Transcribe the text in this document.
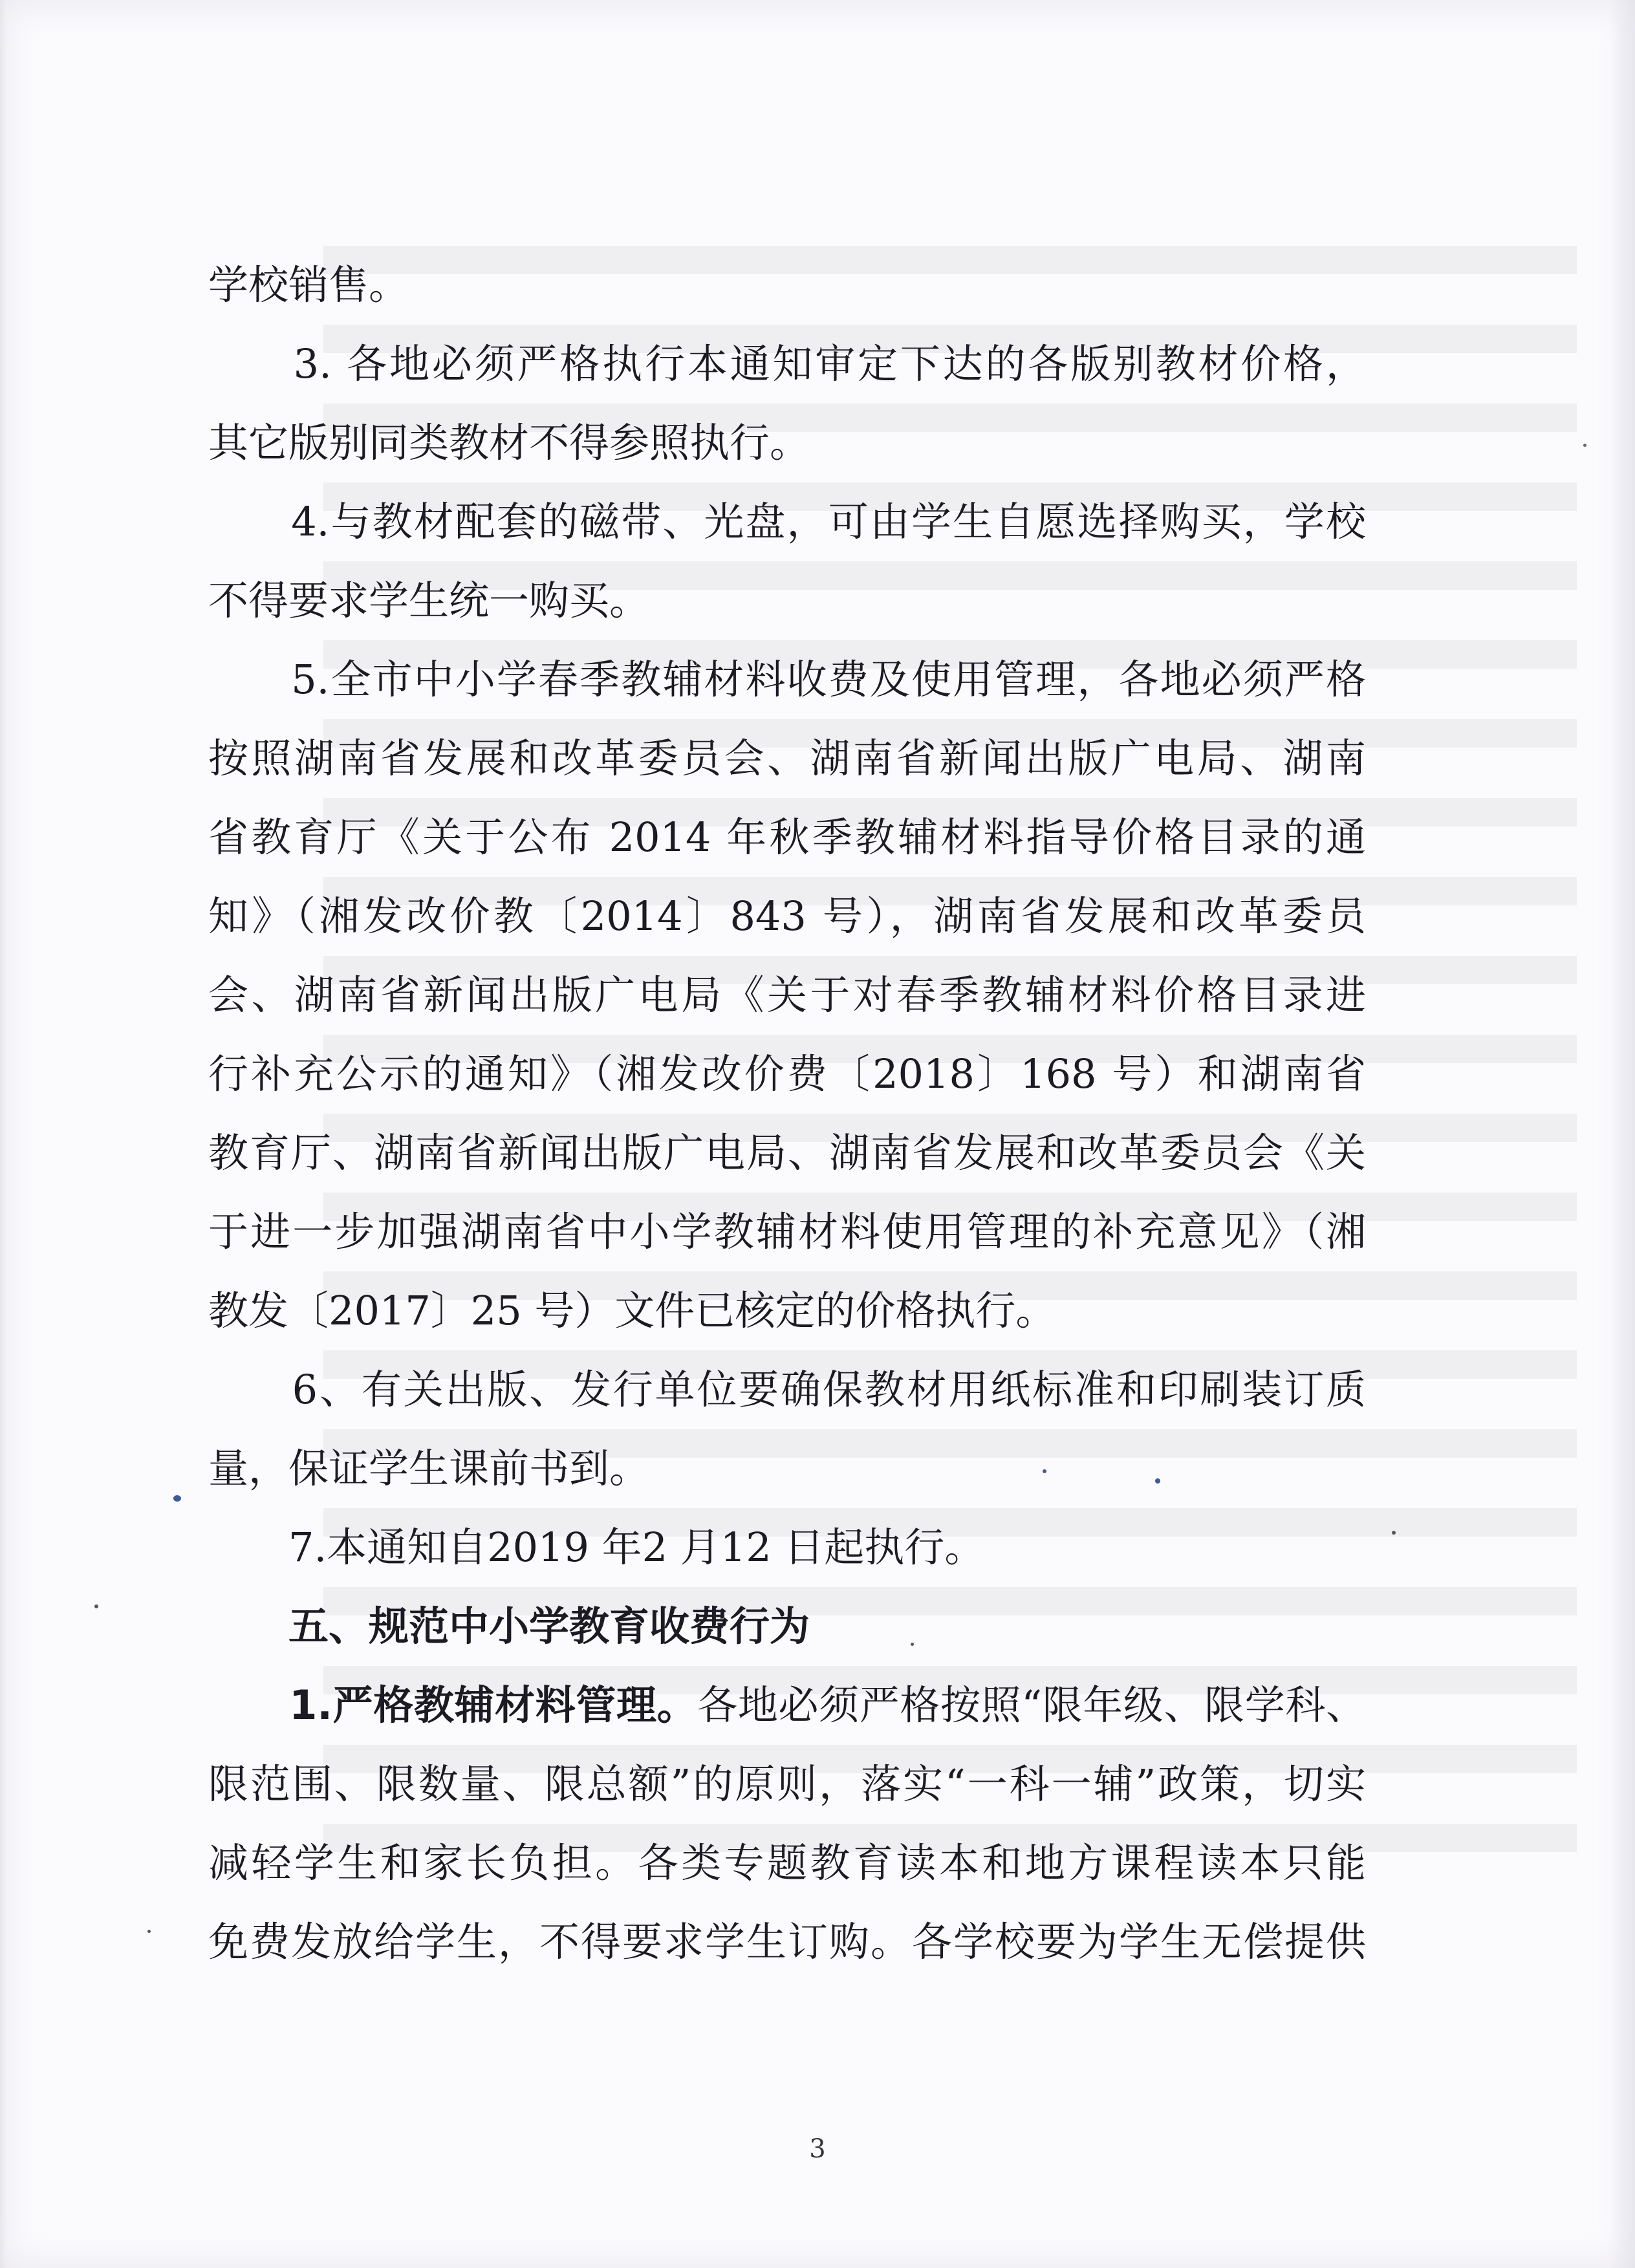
学校销售。
　　3. 各地必须严格执行本通知审定下达的各版别教材价格，
其它版别同类教材不得参照执行。
　　4.与教材配套的磁带、光盘，可由学生自愿选择购买，学校
不得要求学生统一购买。
　　5.全市中小学春季教辅材料收费及使用管理，各地必须严格
按照湖南省发展和改革委员会、湖南省新闻出版广电局、湖南
省教育厅《关于公布 2014 年秋季教辅材料指导价格目录的通
知》（湘发改价教〔2014〕843 号），湖南省发展和改革委员
会、湖南省新闻出版广电局《关于对春季教辅材料价格目录进
行补充公示的通知》（湘发改价费〔2018〕168 号）和湖南省
教育厅、湖南省新闻出版广电局、湖南省发展和改革委员会《关
于进一步加强湖南省中小学教辅材料使用管理的补充意见》（湘
教发〔2017〕25 号）文件已核定的价格执行。
　　6、有关出版、发行单位要确保教材用纸标准和印刷装订质
量，保证学生课前书到。
　　7.本通知自2019 年2 月12 日起执行。
　　五、规范中小学教育收费行为
　　1.严格教辅材料管理。各地必须严格按照“限年级、限学科、
限范围、限数量、限总额”的原则，落实“一科一辅”政策，切实
减轻学生和家长负担。各类专题教育读本和地方课程读本只能
免费发放给学生，不得要求学生订购。各学校要为学生无偿提供
3
